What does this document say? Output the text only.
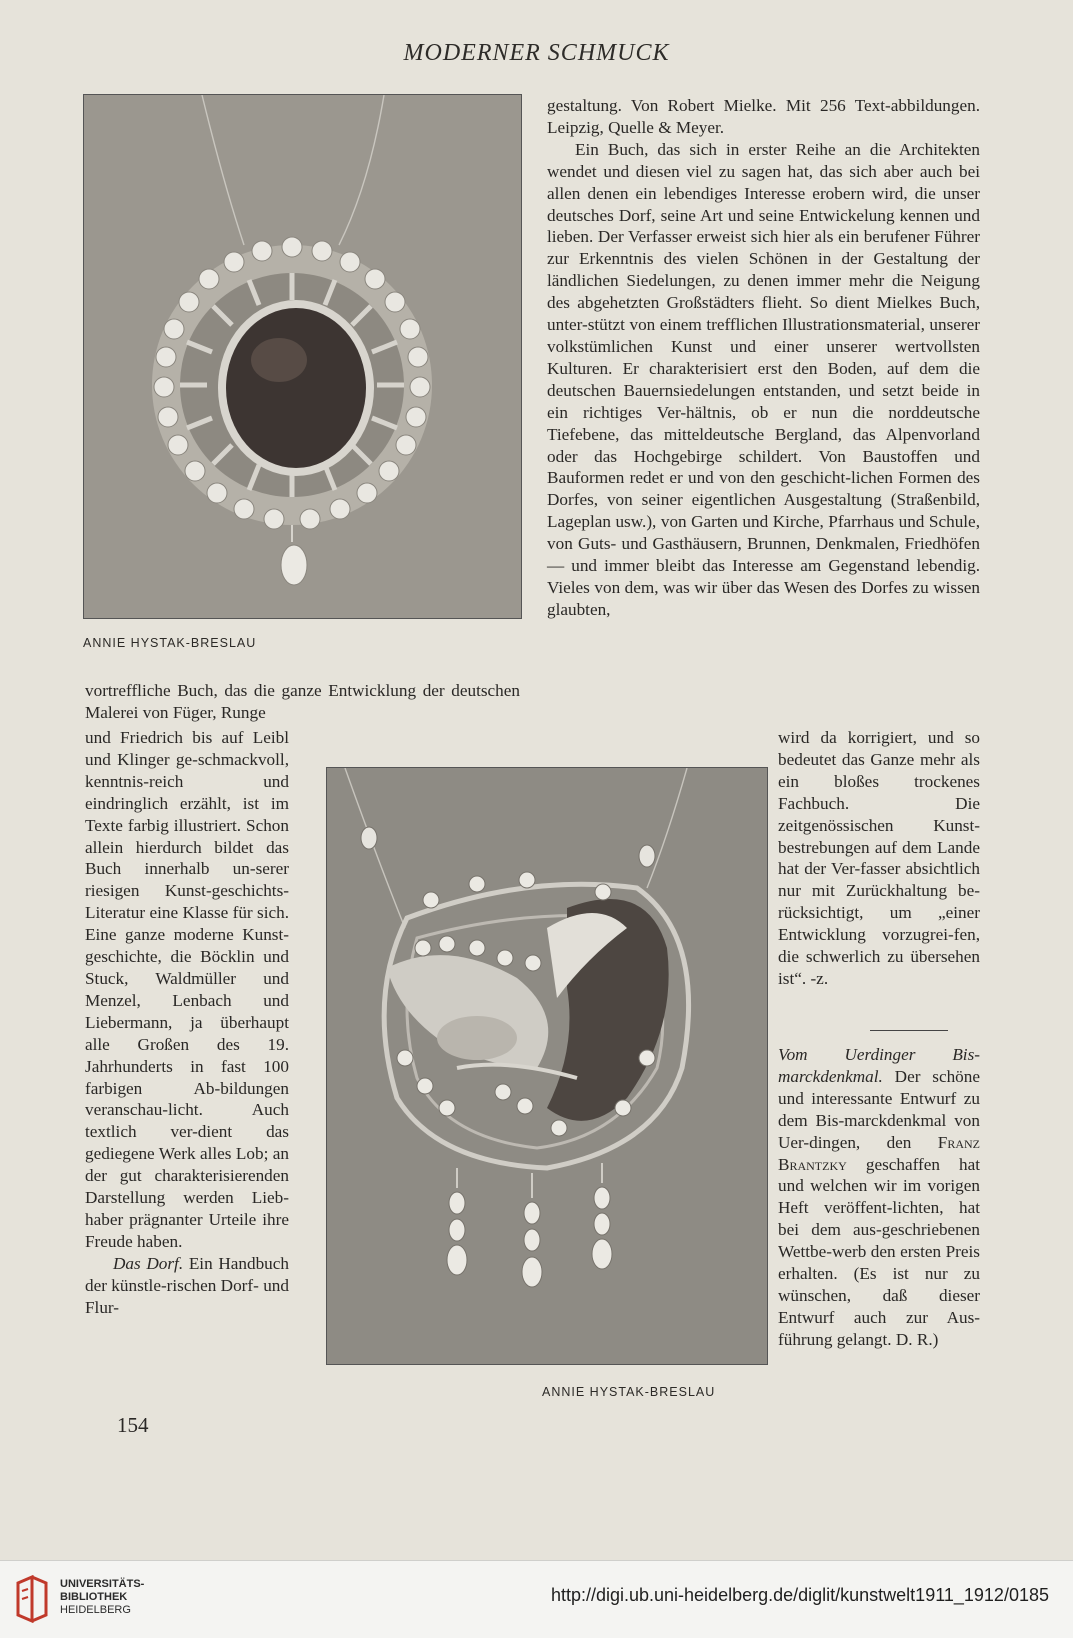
MODERNER SCHMUCK
ANNIE HYSTAK-BRESLAU
ANNIE HYSTAK-BRESLAU

gestaltung. Von Robert Mielke. Mit 256 Text-abbildungen. Leipzig, Quelle & Meyer.

Ein Buch, das sich in erster Reihe an die Architekten wendet und diesen viel zu sagen hat, das sich aber auch bei allen denen ein lebendiges Interesse erobern wird, die unser deutsches Dorf, seine Art und seine Entwickelung kennen und lieben. Der Verfasser erweist sich hier als ein berufener Führer zur Erkenntnis des vielen Schönen in der Gestaltung der ländlichen Siedelungen, zu denen immer mehr die Neigung des abgehetzten Großstädters flieht. So dient Mielkes Buch, unter-stützt von einem trefflichen Illustrationsmaterial, unserer volkstümlichen Kunst und einer unserer wertvollsten Kulturen. Er charakterisiert erst den Boden, auf dem die deutschen Bauernsiedelungen entstanden, und setzt beide in ein richtiges Ver-hältnis, ob er nun die norddeutsche Tiefebene, das mitteldeutsche Bergland, das Alpenvorland oder das Hochgebirge schildert. Von Baustoffen und Bauformen redet er und von den geschicht-lichen Formen des Dorfes, von seiner eigentlichen Ausgestaltung (Straßenbild, Lageplan usw.), von Garten und Kirche, Pfarrhaus und Schule, von Guts- und Gasthäusern, Brunnen, Denkmalen, Friedhöfen — und immer bleibt das Interesse am Gegenstand lebendig. Vieles von dem, was wir über das Wesen des Dorfes zu wissen glaubten,

wird da korrigiert, und so bedeutet das Ganze mehr als ein bloßes trockenes Fachbuch. Die zeitgenössischen Kunst-bestrebungen auf dem Lande hat der Ver-fasser absichtlich nur mit Zurückhaltung be-rücksichtigt, um „einer Entwicklung vorzugrei-fen, die schwerlich zu übersehen ist“. -z.

Vom Uerdinger Bis-marckdenkmal. Der schöne und interessante Entwurf zu dem Bis-marckdenkmal von Uer-dingen, den Franz Brantzky geschaffen hat und welchen wir im vorigen Heft veröffent-lichten, hat bei dem aus-geschriebenen Wettbe-werb den ersten Preis erhalten. (Es ist nur zu wünschen, daß dieser Entwurf auch zur Aus-führung gelangt. D. R.)

vortreffliche Buch, das die ganze Entwicklung der deutschen Malerei von Füger, Runge

und Friedrich bis auf Leibl und Klinger ge-schmackvoll, kenntnis-reich und eindringlich erzählt, ist im Texte farbig illustriert. Schon allein hierdurch bildet das Buch innerhalb un-serer riesigen Kunst-geschichts-Literatur eine Klasse für sich. Eine ganze moderne Kunst-geschichte, die Böcklin und Stuck, Waldmüller und Menzel, Lenbach und Liebermann, ja überhaupt alle Großen des 19. Jahrhunderts in fast 100 farbigen Ab-bildungen veranschau-licht. Auch textlich ver-dient das gediegene Werk alles Lob; an der gut charakterisierenden Darstellung werden Lieb-haber prägnanter Urteile ihre Freude haben.

Das Dorf. Ein Handbuch der künstle-rischen Dorf- und Flur-

154
UNIVERSITÄTS-
BIBLIOTHEK
HEIDELBERG
http://digi.ub.uni-heidelberg.de/diglit/kunstwelt1911_1912/0185
